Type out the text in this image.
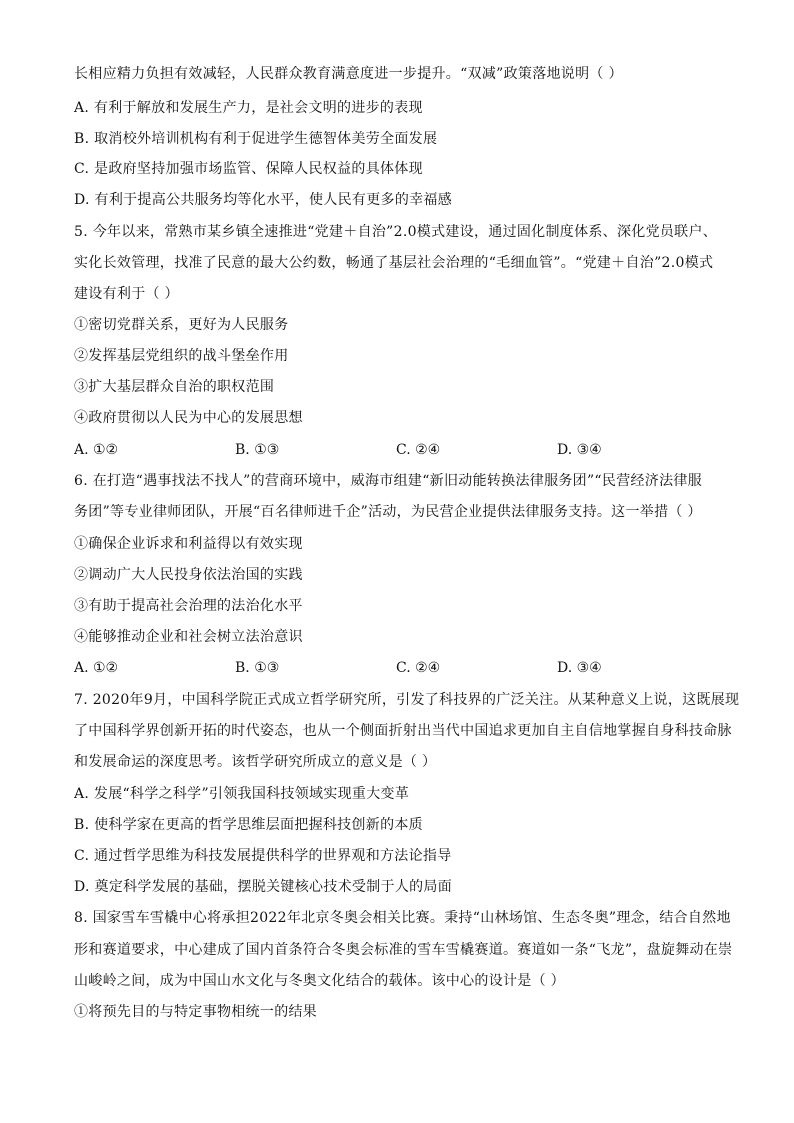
长相应精力负担有效减轻，人民群众教育满意度进一步提升。“双减”政策落地说明（ ）
A. 有利于解放和发展生产力，是社会文明的进步的表现
B. 取消校外培训机构有利于促进学生德智体美劳全面发展
C. 是政府坚持加强市场监管、保障人民权益的具体体现
D. 有利于提高公共服务均等化水平，使人民有更多的幸福感
5. 今年以来，常熟市某乡镇全速推进“党建＋自治”2.0模式建设，通过固化制度体系、深化党员联户、
实化长效管理，找准了民意的最大公约数，畅通了基层社会治理的“毛细血管”。“党建＋自治”2.0模式
建设有利于（ ）
①密切党群关系，更好为人民服务
②发挥基层党组织的战斗堡垒作用
③扩大基层群众自治的职权范围
④政府贯彻以人民为中心的发展思想
A. ①②	B. ①③	C. ②④	D. ③④
6. 在打造“遇事找法不找人”的营商环境中，威海市组建“新旧动能转换法律服务团”“民营经济法律服
务团”等专业律师团队，开展“百名律师进千企”活动，为民营企业提供法律服务支持。这一举措（ ）
①确保企业诉求和利益得以有效实现
②调动广大人民投身依法治国的实践
③有助于提高社会治理的法治化水平
④能够推动企业和社会树立法治意识
A. ①②	B. ①③	C. ②④	D. ③④
7. 2020年9月，中国科学院正式成立哲学研究所，引发了科技界的广泛关注。从某种意义上说，这既展现
了中国科学界创新开拓的时代姿态，也从一个侧面折射出当代中国追求更加自主自信地掌握自身科技命脉
和发展命运的深度思考。该哲学研究所成立的意义是（ ）
A. 发展“科学之科学”引领我国科技领域实现重大变革
B. 使科学家在更高的哲学思维层面把握科技创新的本质
C. 通过哲学思维为科技发展提供科学的世界观和方法论指导
D. 奠定科学发展的基础，摆脱关键核心技术受制于人的局面
8. 国家雪车雪橇中心将承担2022年北京冬奥会相关比赛。秉持“山林场馆、生态冬奥”理念，结合自然地
形和赛道要求，中心建成了国内首条符合冬奥会标准的雪车雪橇赛道。赛道如一条“飞龙”，盘旋舞动在崇
山峻岭之间，成为中国山水文化与冬奥文化结合的载体。该中心的设计是（ ）
①将预先目的与特定事物相统一的结果
